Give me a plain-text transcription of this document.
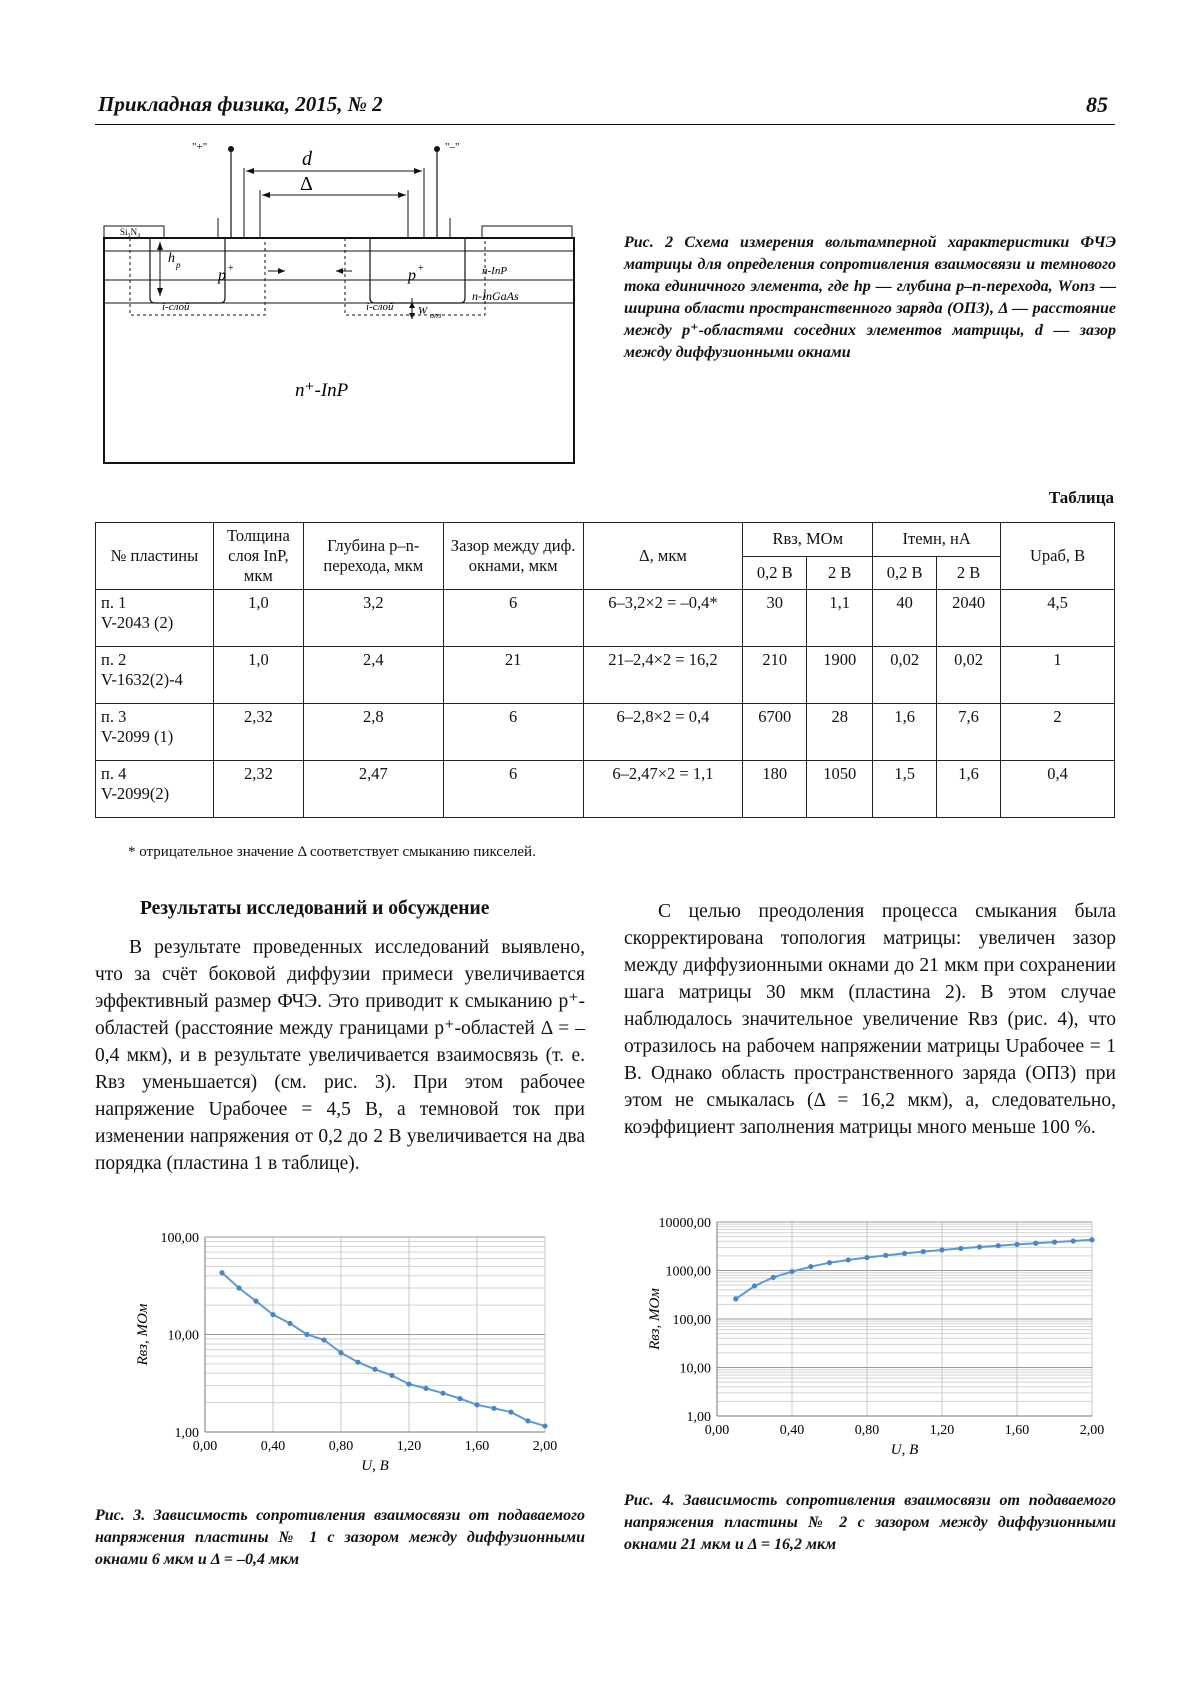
Прикладная физика, 2015, № 2	85
Si₃N₄
"+"	"–"
d
Δ
h p
p +	p +	n-InP
i-слой	i-слой W опз
n-InGaAs
n⁺-InP
Рис. 2 Схема измерения вольтамперной характеристики ФЧЭ матрицы для определения сопротивления взаимосвязи и темнового тока единичного элемента, где hp — глубина p–n-перехода, Wопз — ширина области пространственного заряда (ОПЗ), Δ — расстояние между p⁺-областями соседних элементов матрицы, d — зазор между диффузионными окнами
Таблица
№ пластины	Толщина слоя InP, мкм	Глубина p–n-перехода, мкм	Зазор между диф. окнами, мкм	Δ, мкм	Rвз, МОм		Iтемн, нА		Uраб, В
					0,2 В	2 В	0,2 В	2 В	
п. 1
V-2043 (2)	1,0	3,2	6	6–3,2×2 = –0,4*	30	1,1	40	2040	4,5
п. 2
V-1632(2)-4	1,0	2,4	21	21–2,4×2 = 16,2	210	1900	0,02	0,02	1
п. 3
V-2099 (1)	2,32	2,8	6	6–2,8×2 = 0,4	6700	28	1,6	7,6	2
п. 4
V-2099(2)	2,32	2,47	6	6–2,47×2 = 1,1	180	1050	1,5	1,6	0,4
* отрицательное значение Δ соответствует смыканию пикселей.
Результаты исследований и обсуждение

В результате проведенных исследований выявлено, что за счёт боковой диффузии примеси увеличивается эффективный размер ФЧЭ. Это приводит к смыканию p⁺-областей (расстояние между границами p⁺-областей Δ = –0,4 мкм), и в результате увеличивается взаимосвязь (т. е. Rвз уменьшается) (см. рис. 3). При этом рабочее напряжение Uрабочее = 4,5 В, а темновой ток при изменении напряжения от 0,2 до 2 В увеличивается на два порядка (пластина 1 в таблице).

С целью преодоления процесса смыкания была скорректирована топология матрицы: увеличен зазор между диффузионными окнами до 21 мкм при сохранении шага матрицы 30 мкм (пластина 2). В этом случае наблюдалось значительное увеличение Rвз (рис. 4), что отразилось на рабочем напряжении матрицы Uрабочее = 1 В. Однако область пространственного заряда (ОПЗ) при этом не смыкалась (Δ = 16,2 мкм), а, следовательно, коэффициент заполнения матрицы много меньше 100 %.

1,00
10,00
100,00
0,00	0,40	0,80	1,20	1,60	2,00
U, В
Rвз, МОм
Рис. 3. Зависимость сопротивления взаимосвязи от подаваемого напряжения пластины № 1 с зазором между диффузионными окнами 6 мкм и Δ = –0,4 мкм
1,00
10,00
100,00
1000,00
10000,00
0,00	0,40	0,80	1,20	1,60	2,00
U, В
Rвз, МОм
Рис. 4. Зависимость сопротивления взаимосвязи от подаваемого напряжения пластины № 2 с зазором между диффузионными окнами 21 мкм и Δ = 16,2 мкм
